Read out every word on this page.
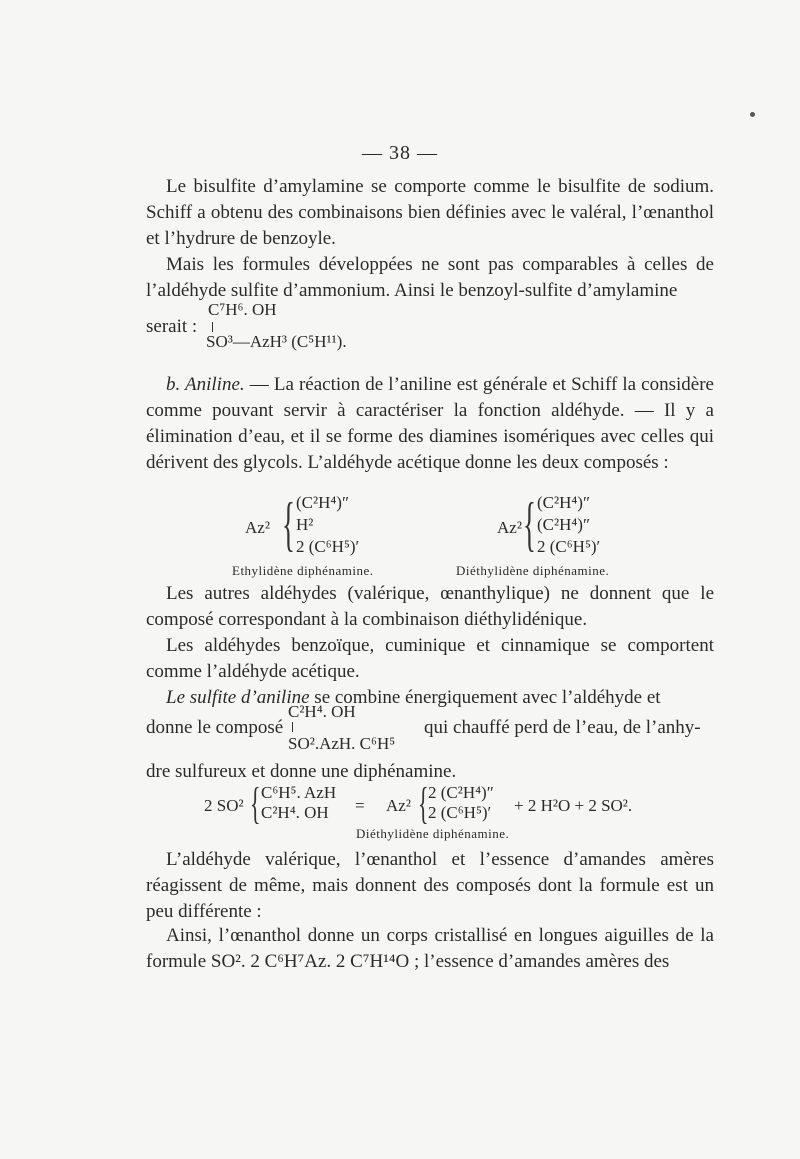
— 38 —
Le bisulfite d’amylamine se comporte comme le bisulfite de sodium. Schiff a obtenu des combinaisons bien définies avec le valéral, l’œnanthol et l’hydrure de benzoyle.
Mais les formules développées ne sont pas comparables à celles de l’aldéhyde sulfite d’ammonium. Ainsi le benzoyl-sulfite d’amylamine
serait :
C⁷H⁶. OH
SO³—AzH³ (C⁵H¹¹).
b. Aniline. — La réaction de l’aniline est générale et Schiff la considère comme pouvant servir à caractériser la fonction aldéhyde. — Il y a élimination d’eau, et il se forme des diamines isomériques avec celles qui dérivent des glycols. L’aldéhyde acétique donne les deux composés :
Az² { (C²H⁴)″
H²
2 (C⁶H⁵)′
Ethylidène diphénamine.
Az² { (C²H⁴)″
(C²H⁴)″
2 (C⁶H⁵)′
Diéthylidène diphénamine.
Les autres aldéhydes (valérique, œnanthylique) ne donnent que le composé correspondant à la combinaison diéthylidénique.
Les aldéhydes benzoïque, cuminique et cinnamique se comportent comme l’aldéhyde acétique.
Le sulfite d’aniline se combine énergiquement avec l’aldéhyde et
C²H⁴. OH
donne le composé
SO².AzH. C⁶H⁵
qui chauffé perd de l’eau, de l’anhy-
dre sulfureux et donne une diphénamine.
2 SO² { C⁶H⁵. AzH
C²H⁴. OH = Az² { 2 (C²H⁴)″
2 (C⁶H⁵)′ + 2 H²O + 2 SO².
Diéthylidène diphénamine.
L’aldéhyde valérique, l’œnanthol et l’essence d’amandes amères réagissent de même, mais donnent des composés dont la formule est un peu différente :
Ainsi, l’œnanthol donne un corps cristallisé en longues aiguilles de la formule SO². 2 C⁶H⁷Az. 2 C⁷H¹⁴O ; l’essence d’amandes amères des
